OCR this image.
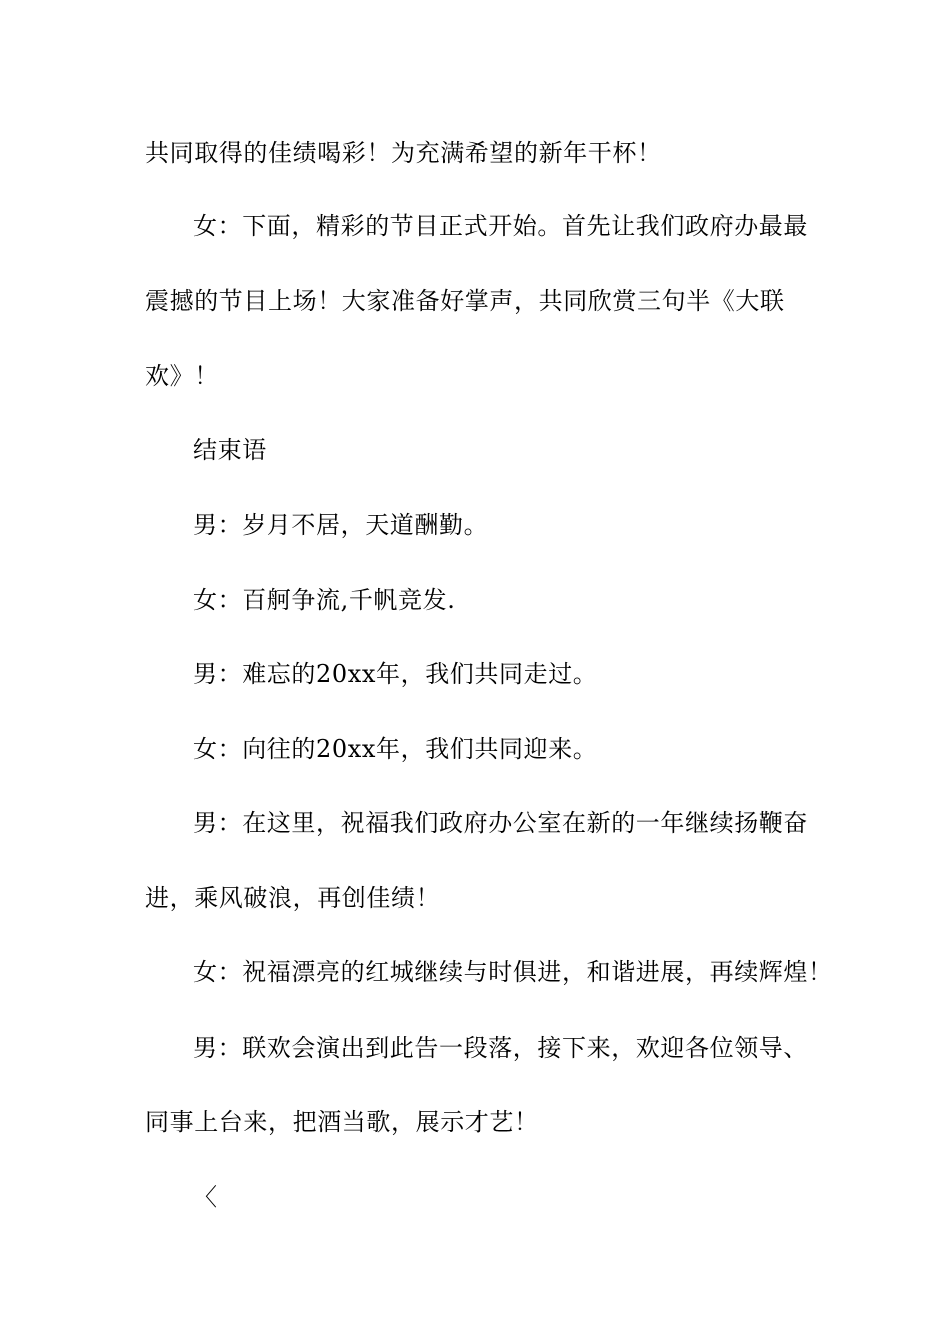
共同取得的佳绩喝彩！为充满希望的新年干杯！
女：下面，精彩的节目正式开始。首先让我们政府办最最
震撼的节目上场！大家准备好掌声，共同欣赏三句半《大联
欢》！
结束语
男：岁月不居，天道酬勤。
女：百舸争流,千帆竞发.
男：难忘的20xx年，我们共同走过。
女：向往的20xx年，我们共同迎来。
男：在这里，祝福我们政府办公室在新的一年继续扬鞭奋
进，乘风破浪，再创佳绩！
女：祝福漂亮的红城继续与时俱进，和谐进展，再续辉煌！
男：联欢会演出到此告一段落，接下来，欢迎各位领导、
同事上台来，把酒当歌，展示才艺！
〈
